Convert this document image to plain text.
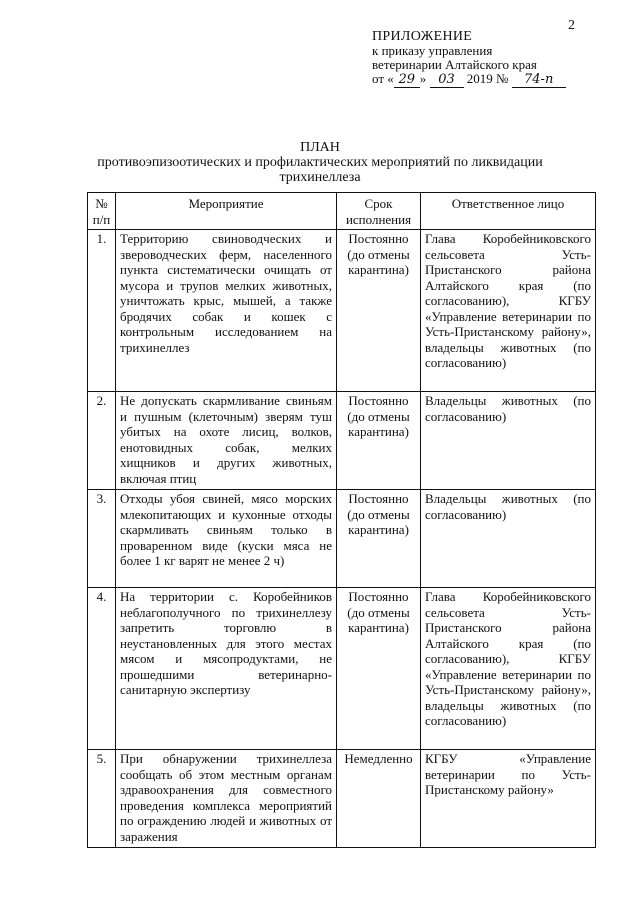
2
ПРИЛОЖЕНИЕ
к приказу управления
ветеринарии Алтайского края
от « 29 » 03 2019 № 74-п
ПЛАН
противоэпизоотических и профилактических мероприятий по ликвидации
трихинеллеза
№ п/п	Мероприятие	Срок исполнения	Ответственное лицо
1.	Территорию свиноводческих и звероводческих ферм, населенного пункта систематически очищать от мусора и трупов мелких животных, уничтожать крыс, мышей, а также бродячих собак и кошек с контрольным исследованием на трихинеллез	Постоянно (до отмены карантина)	Глава Коробейниковского сельсовета Усть-Пристанского района Алтайского края (по согласованию), КГБУ «Управление ветеринарии по Усть-Пристанскому району», владельцы животных (по согласованию)
2.	Не допускать скармливание свиньям и пушным (клеточным) зверям туш убитых на охоте лисиц, волков, енотовидных собак, мелких хищников и других животных, включая птиц	Постоянно (до отмены карантина)	Владельцы животных (по согласованию)
3.	Отходы убоя свиней, мясо морских млекопитающих и кухонные отходы скармливать свиньям только в проваренном виде (куски мяса не более 1 кг варят не менее 2 ч)	Постоянно (до отмены карантина)	Владельцы животных (по согласованию)
4.	На территории с. Коробейников неблагополучного по трихинеллезу запретить торговлю в неустановленных для этого местах мясом и мясопродуктами, не прошедшими ветеринарно-санитарную экспертизу	Постоянно (до отмены карантина)	Глава Коробейниковского сельсовета Усть-Пристанского района Алтайского края (по согласованию), КГБУ «Управление ветеринарии по Усть-Пристанскому району», владельцы животных (по согласованию)
5.	При обнаружении трихинеллеза сообщать об этом местным органам здравоохранения для совместного проведения комплекса мероприятий по ограждению людей и животных от заражения	Немедленно	КГБУ «Управление ветеринарии по Усть-Пристанскому району»
